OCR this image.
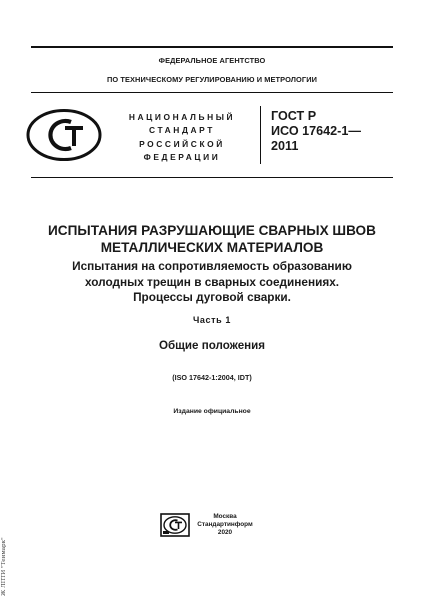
ФЕДЕРАЛЬНОЕ АГЕНТСТВО
ПО ТЕХНИЧЕСКОМУ РЕГУЛИРОВАНИЮ И МЕТРОЛОГИИ
НАЦИОНАЛЬНЫЙ
СТАНДАРТ
РОССИЙСКОЙ
ФЕДЕРАЦИИ
ГОСТ Р
ИСО 17642-1—
2011
ИСПЫТАНИЯ РАЗРУШАЮЩИЕ СВАРНЫХ ШВОВ
МЕТАЛЛИЧЕСКИХ МАТЕРИАЛОВ
Испытания на сопротивляемость образованию
холодных трещин в сварных соединениях.
Процессы дуговой сварки.
Часть 1
Общие положения
(ISO 17642-1:2004, IDT)
Издание официальное
Москва
Стандартинформ
2020
Ж ЛПТИ "Тенмарк"
